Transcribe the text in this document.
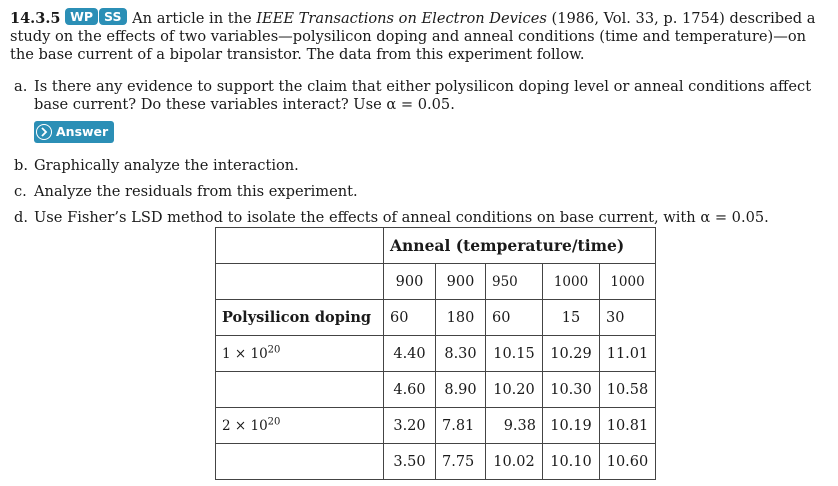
14.3.5 WP SS An article in the IEEE Transactions on Electron Devices (1986, Vol. 33, p. 1754) described a study on the effects of two variables—polysilicon doping and anneal conditions (time and temperature)—on the base current of a bipolar transistor. The data from this experiment follow.

a. Is there any evidence to support the claim that either polysilicon doping level or anneal conditions affect base current? Do these variables interact? Use α = 0.05.
Answer
b. Graphically analyze the interaction.
c. Analyze the residuals from this experiment.
d. Use Fisher’s LSD method to isolate the effects of anneal conditions on base current, with α = 0.05.
	Anneal (temperature/time)				
	900	900	950	1000	1000
Polysilicon doping	60	180	60	15	30
$1 \times 10^{20}$	4.40	8.30	10.15	10.29	11.01
	4.60	8.90	10.20	10.30	10.58
$2 \times 10^{20}$	3.20	7.81	9.38	10.19	10.81
	3.50	7.75	10.02	10.10	10.60
